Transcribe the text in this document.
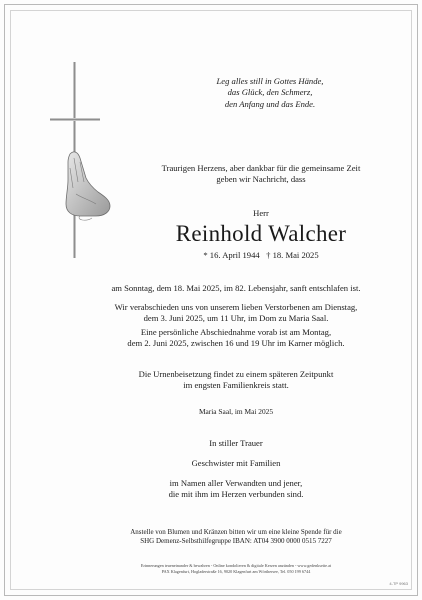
Leg alles still in Gottes Hände,
das Glück, den Schmerz,
den Anfang und das Ende.
Traurigen Herzens, aber dankbar für die gemeinsame Zeit
geben wir Nachricht, dass
Herr
Reinhold Walcher
* 16. April 1944   † 18. Mai 2025
am Sonntag, dem 18. Mai 2025, im 82. Lebensjahr, sanft entschlafen ist.
Wir verabschieden uns von unserem lieben Verstorbenen am Dienstag,
dem 3. Juni 2025, um 11 Uhr, im Dom zu Maria Saal.
Eine persönliche Abschiednahme vorab ist am Montag,
dem 2. Juni 2025, zwischen 16 und 19 Uhr im Karner möglich.
Die Urnenbeisetzung findet zu einem späteren Zeitpunkt
im engsten Familienkreis statt.
Maria Saal, im Mai 2025
In stiller Trauer
Geschwister mit Familien
im Namen aller Verwandten und jener,
die mit ihm im Herzen verbunden sind.
Anstelle von Blumen und Kränzen bitten wir um eine kleine Spende für die
SHG Demenz-Selbsthilfegruppe IBAN: AT04 3900 0000 0515 7227
Erinnerungen teueneinander & bewahren - Online kondolieren & digitale Kerzen anzünden - www.gedenkseite.at
PAX Klagenfurt, Hogladerstraße 16, 9020 Klagenfurt am Wörthersee, Tel. 050 199 6744
4-TP 9963
